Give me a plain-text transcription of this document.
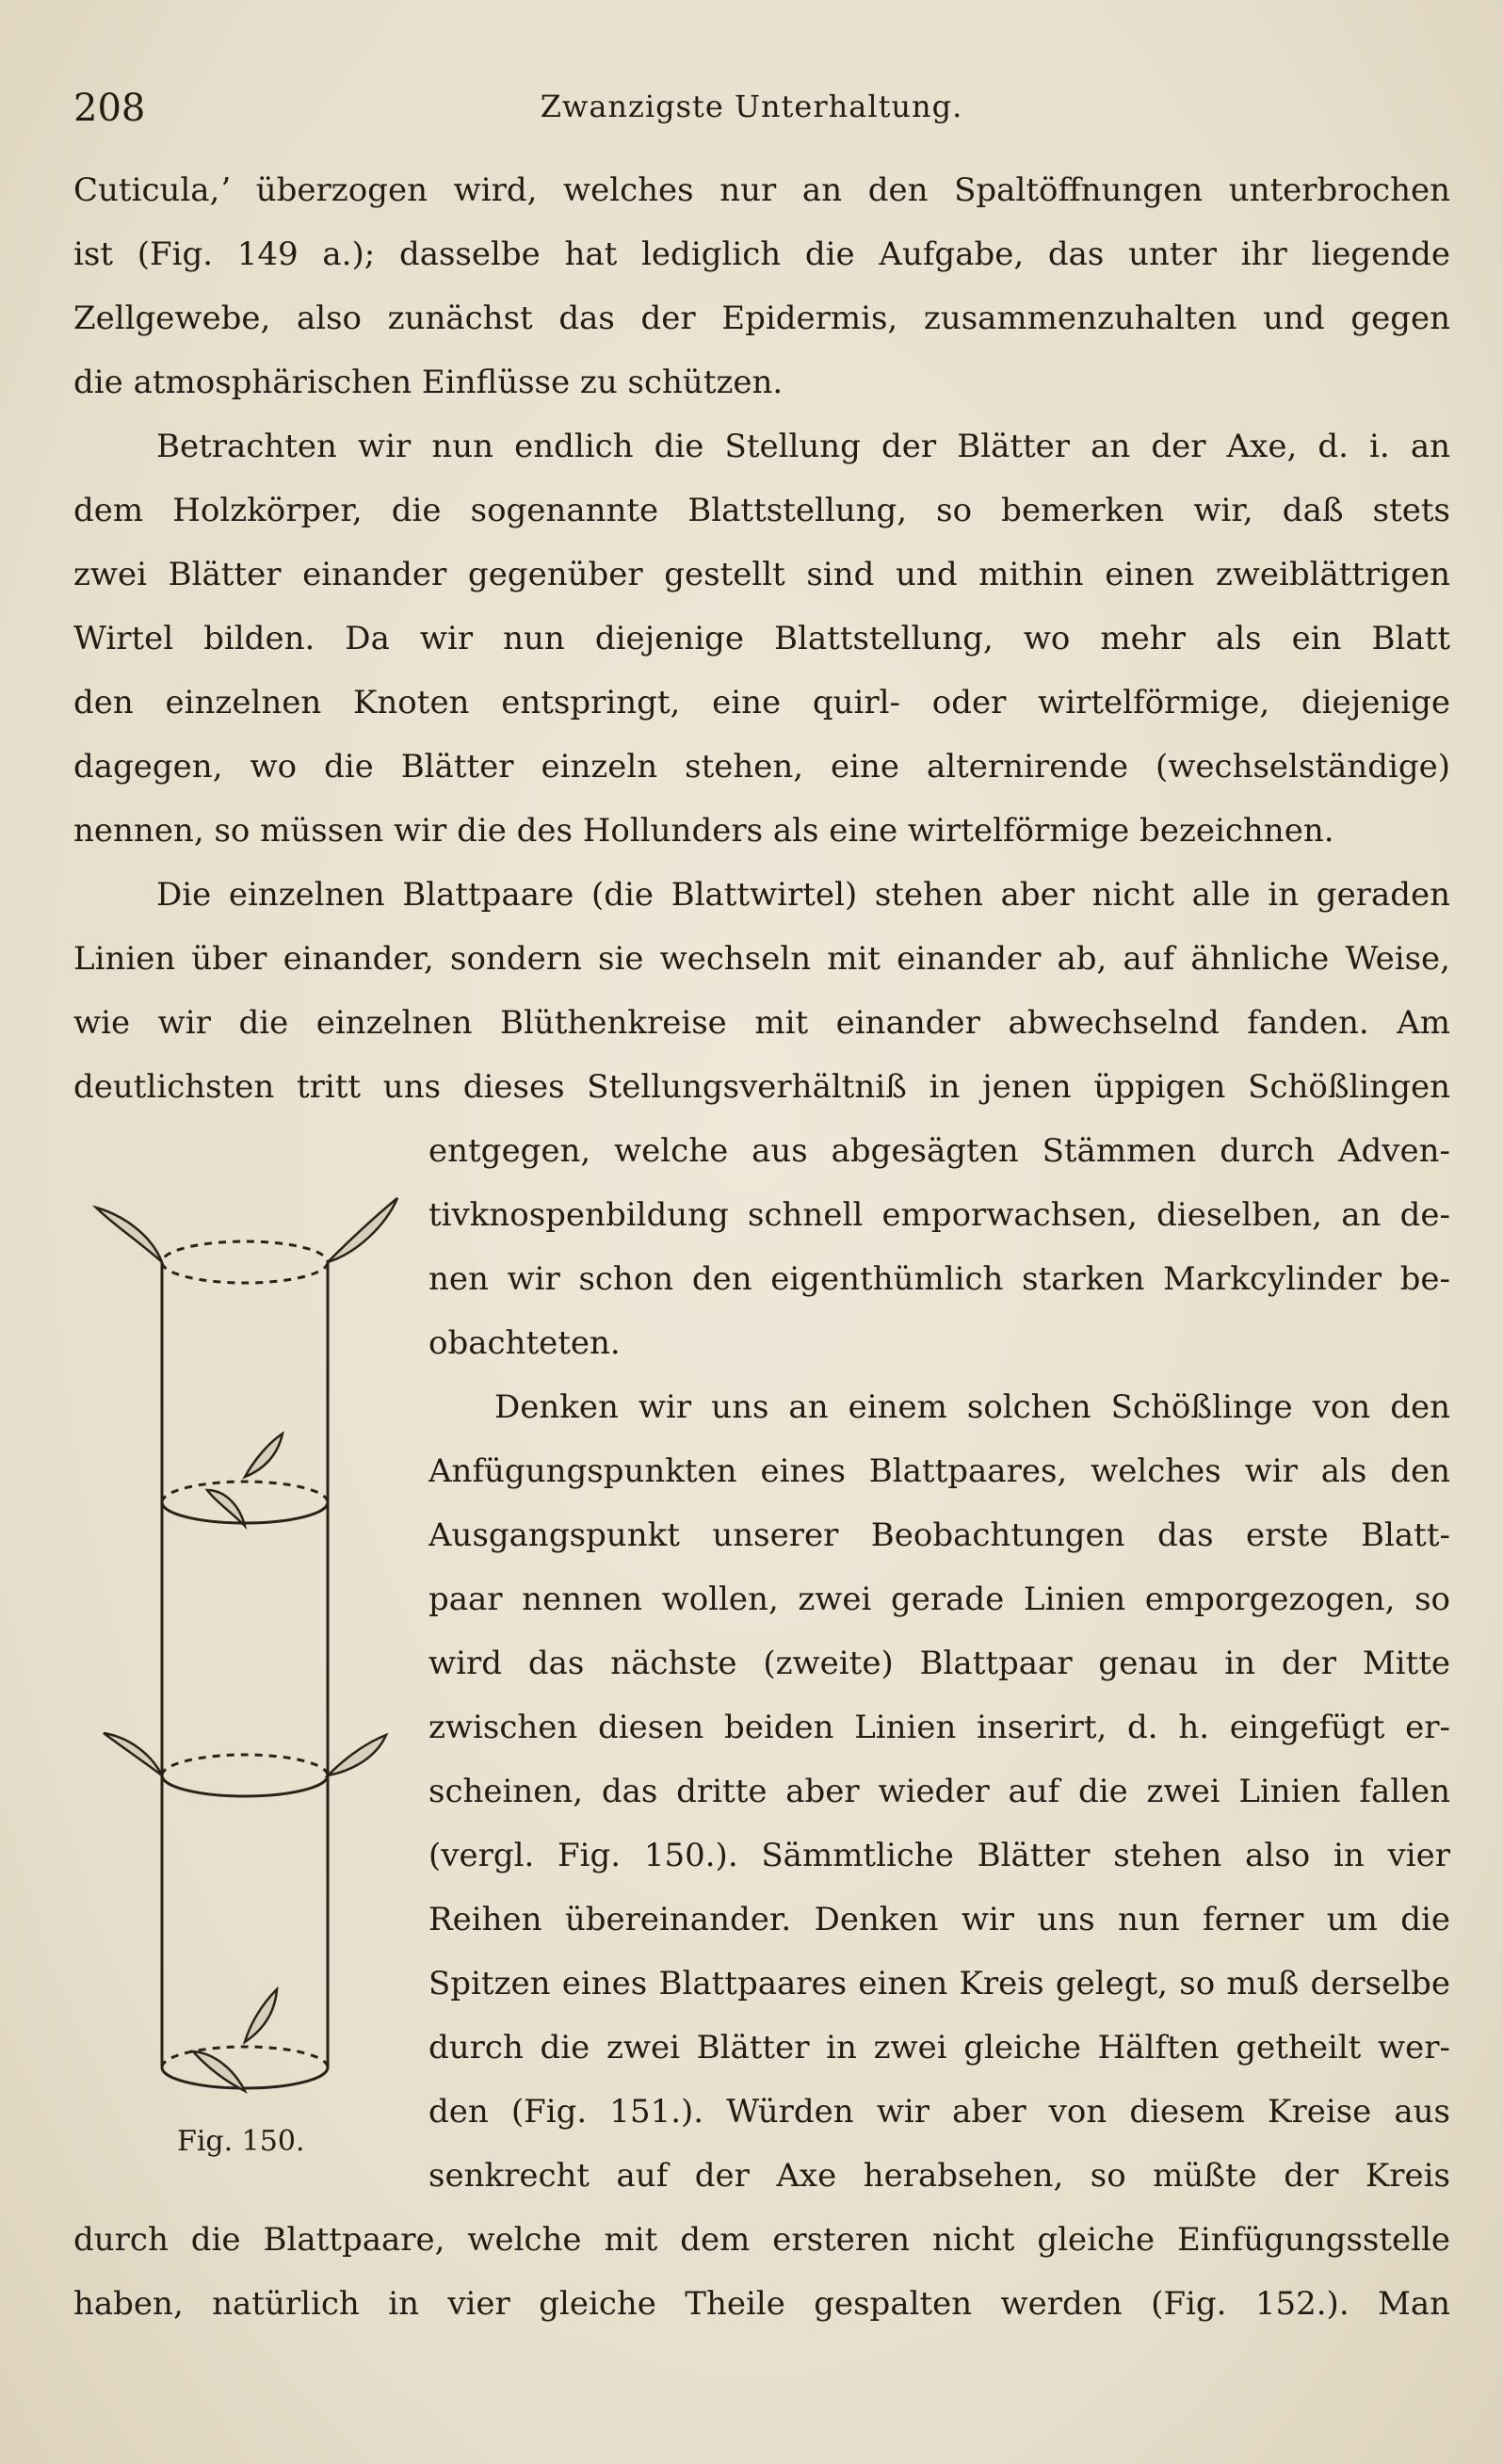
208	Zwanzigste Unterhaltung.
Cuticula,ʼ überzogen wird, welches nur an den Spaltöffnungen unterbrochen
ist (Fig. 149 a.); dasselbe hat lediglich die Aufgabe, das unter ihr liegende
Zellgewebe, also zunächst das der Epidermis, zusammenzuhalten und gegen
die atmosphärischen Einflüsse zu schützen.
Betrachten wir nun endlich die Stellung der Blätter an der Axe, d. i. an
dem Holzkörper, die sogenannte Blattstellung, so bemerken wir, daß stets
zwei Blätter einander gegenüber gestellt sind und mithin einen zweiblättrigen
Wirtel bilden. Da wir nun diejenige Blattstellung, wo mehr als ein Blatt
den einzelnen Knoten entspringt, eine quirl- oder wirtelförmige, diejenige
dagegen, wo die Blätter einzeln stehen, eine alternirende (wechselständige)
nennen, so müssen wir die des Hollunders als eine wirtelförmige bezeichnen.
Die einzelnen Blattpaare (die Blattwirtel) stehen aber nicht alle in geraden
Linien über einander, sondern sie wechseln mit einander ab, auf ähnliche Weise,
wie wir die einzelnen Blüthenkreise mit einander abwechselnd fanden. Am
deutlichsten tritt uns dieses Stellungsverhältniß in jenen üppigen Schößlingen
entgegen, welche aus abgesägten Stämmen durch Adven-
tivknospenbildung schnell emporwachsen, dieselben, an de-
nen wir schon den eigenthümlich starken Markcylinder be-
obachteten.
Denken wir uns an einem solchen Schößlinge von den
Anfügungspunkten eines Blattpaares, welches wir als den
Ausgangspunkt unserer Beobachtungen das erste Blatt-
paar nennen wollen, zwei gerade Linien emporgezogen, so
wird das nächste (zweite) Blattpaar genau in der Mitte
zwischen diesen beiden Linien inserirt, d. h. eingefügt er-
scheinen, das dritte aber wieder auf die zwei Linien fallen
(vergl. Fig. 150.). Sämmtliche Blätter stehen also in vier
Reihen übereinander. Denken wir uns nun ferner um die
Spitzen eines Blattpaares einen Kreis gelegt, so muß derselbe
durch die zwei Blätter in zwei gleiche Hälften getheilt wer-
den (Fig. 151.). Würden wir aber von diesem Kreise aus
senkrecht auf der Axe herabsehen, so müßte der Kreis
durch die Blattpaare, welche mit dem ersteren nicht gleiche Einfügungsstelle
haben, natürlich in vier gleiche Theile gespalten werden (Fig. 152.). Man
Fig. 150.
